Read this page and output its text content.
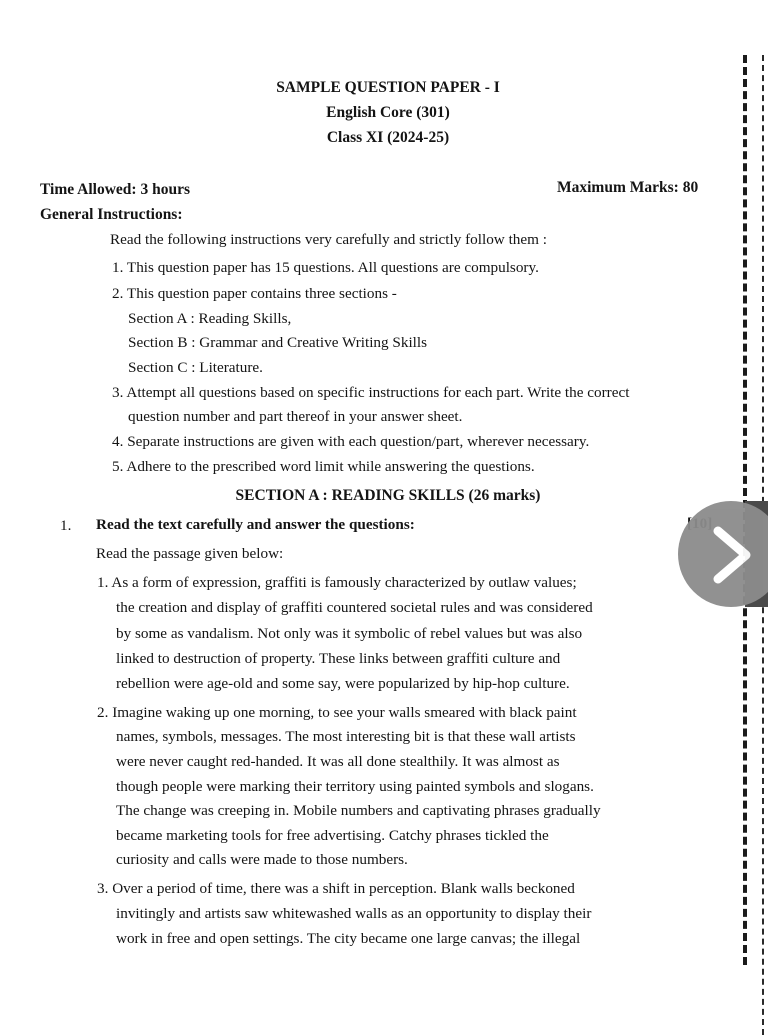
SAMPLE QUESTION PAPER - I
English Core (301)
Class XI (2024-25)
Time Allowed: 3 hours	Maximum Marks: 80
General Instructions:
Read the following instructions very carefully and strictly follow them :
1. This question paper has 15 questions. All questions are compulsory.
2. This question paper contains three sections -
Section A : Reading Skills,
Section B : Grammar and Creative Writing Skills
Section C : Literature.
3. Attempt all questions based on specific instructions for each part. Write the correct
question number and part thereof in your answer sheet.
4. Separate instructions are given with each question/part, wherever necessary.
5. Adhere to the prescribed word limit while answering the questions.
SECTION A : READING SKILLS (26 marks)
1. Read the text carefully and answer the questions:
Read the passage given below:
1. As a form of expression, graffiti is famously characterized by outlaw values;
the creation and display of graffiti countered societal rules and was considered
by some as vandalism. Not only was it symbolic of rebel values but was also
linked to destruction of property. These links between graffiti culture and
rebellion were age-old and some say, were popularized by hip-hop culture.
2. Imagine waking up one morning, to see your walls smeared with black paint
names, symbols, messages. The most interesting bit is that these wall artists
were never caught red-handed. It was all done stealthily. It was almost as
though people were marking their territory using painted symbols and slogans.
The change was creeping in. Mobile numbers and captivating phrases gradually
became marketing tools for free advertising. Catchy phrases tickled the
curiosity and calls were made to those numbers.
3. Over a period of time, there was a shift in perception. Blank walls beckoned
invitingly and artists saw whitewashed walls as an opportunity to display their
work in free and open settings. The city became one large canvas; the illegal
